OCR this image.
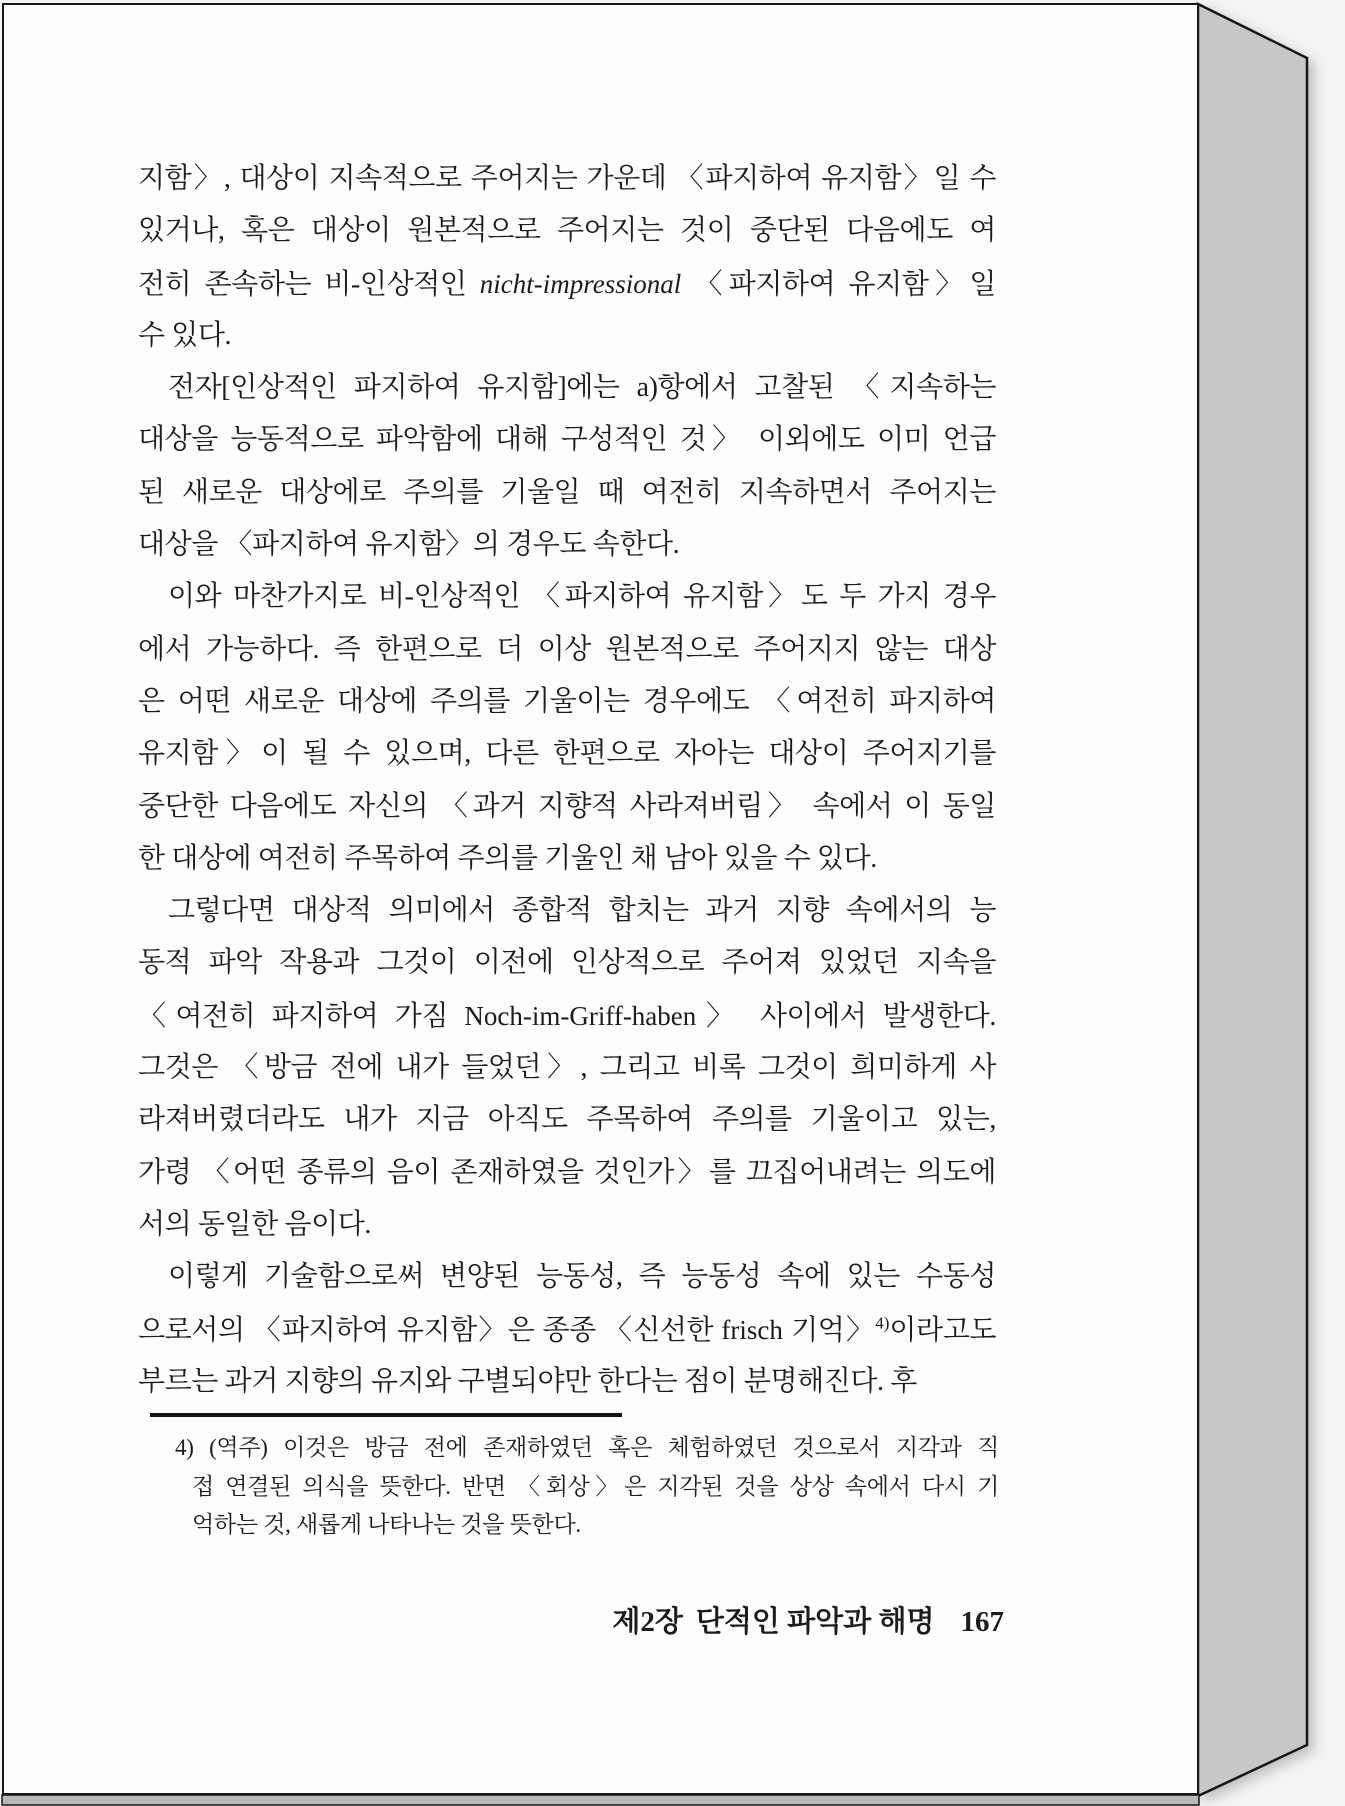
지함〉, 대상이 지속적으로 주어지는 가운데 〈파지하여 유지함〉일 수
있거나, 혹은 대상이 원본적으로 주어지는 것이 중단된 다음에도 여
전히 존속하는 비-인상적인 nicht-impressional 〈파지하여 유지함〉일
수 있다.
전자[인상적인 파지하여 유지함]에는 a)항에서 고찰된 〈지속하는
대상을 능동적으로 파악함에 대해 구성적인 것〉 이외에도 이미 언급
된 새로운 대상에로 주의를 기울일 때 여전히 지속하면서 주어지는
대상을 〈파지하여 유지함〉의 경우도 속한다.
이와 마찬가지로 비-인상적인 〈파지하여 유지함〉도 두 가지 경우
에서 가능하다. 즉 한편으로 더 이상 원본적으로 주어지지 않는 대상
은 어떤 새로운 대상에 주의를 기울이는 경우에도 〈여전히 파지하여
유지함〉이 될 수 있으며, 다른 한편으로 자아는 대상이 주어지기를
중단한 다음에도 자신의 〈과거 지향적 사라져버림〉 속에서 이 동일
한 대상에 여전히 주목하여 주의를 기울인 채 남아 있을 수 있다.
그렇다면 대상적 의미에서 종합적 합치는 과거 지향 속에서의 능
동적 파악 작용과 그것이 이전에 인상적으로 주어져 있었던 지속을
〈여전히 파지하여 가짐 Noch-im-Griff-haben〉 사이에서 발생한다.
그것은 〈방금 전에 내가 들었던〉, 그리고 비록 그것이 희미하게 사
라져버렸더라도 내가 지금 아직도 주목하여 주의를 기울이고 있는,
가령 〈어떤 종류의 음이 존재하였을 것인가〉를 끄집어내려는 의도에
서의 동일한 음이다.
이렇게 기술함으로써 변양된 능동성, 즉 능동성 속에 있는 수동성
으로서의 〈파지하여 유지함〉은 종종 〈신선한 frisch 기억〉$^{4)}$이라고도
부르는 과거 지향의 유지와 구별되야만 한다는 점이 분명해진다. 후
4) (역주) 이것은 방금 전에 존재하였던 혹은 체험하였던 것으로서 지각과 직
접 연결된 의식을 뜻한다. 반면 〈회상〉은 지각된 것을 상상 속에서 다시 기
억하는 것, 새롭게 나타나는 것을 뜻한다.
제2장 단적인 파악과 해명 167
